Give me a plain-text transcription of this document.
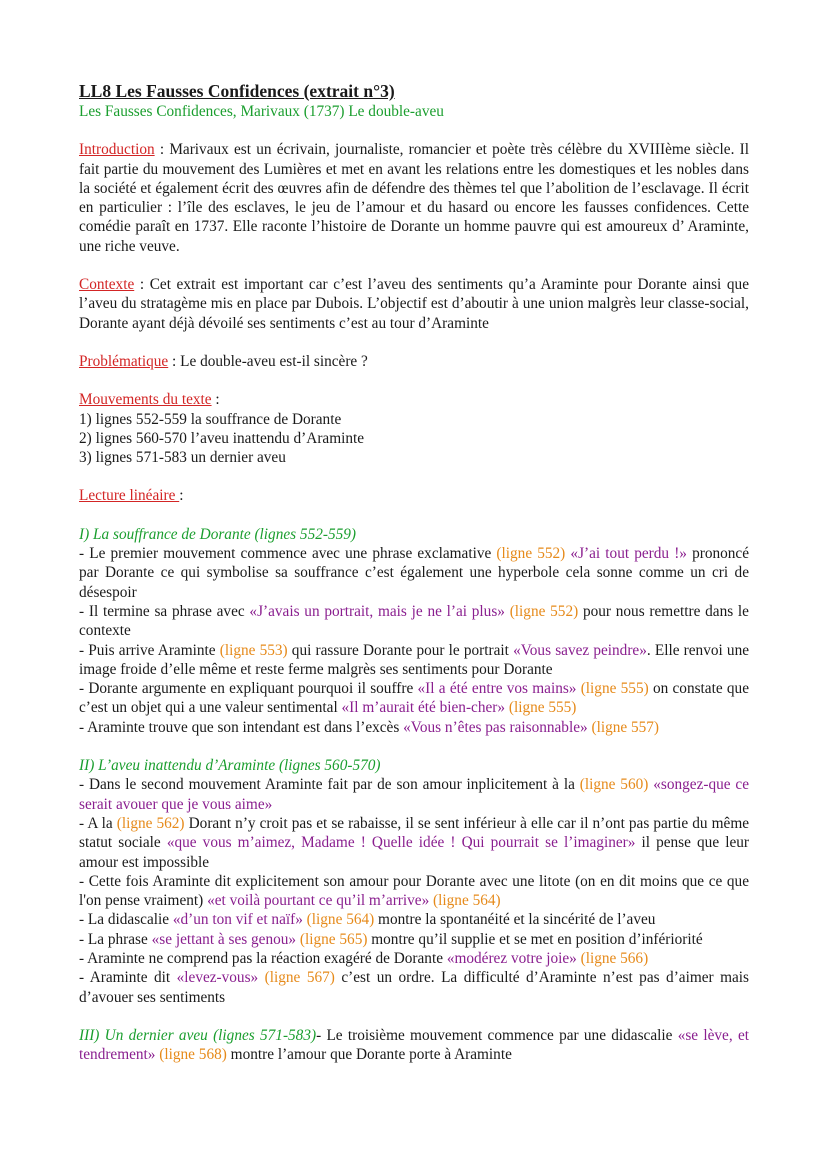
LL8 Les Fausses Confidences (extrait n°3)
Les Fausses Confidences, Marivaux (1737) Le double-aveu

Introduction : Marivaux est un écrivain, journaliste, romancier et poète très célèbre du XVIIIème siècle. Il fait partie du mouvement des Lumières et met en avant les relations entre les domestiques et les nobles dans la société et également écrit des œuvres afin de défendre des thèmes tel que l’abolition de l’esclavage. Il écrit en particulier : l’île des esclaves, le jeu de l’amour et du hasard ou encore les fausses confidences. Cette comédie paraît en 1737. Elle raconte l’histoire de Dorante un homme pauvre qui est amoureux d’ Araminte, une riche veuve.

Contexte : Cet extrait est important car c’est l’aveu des sentiments qu’a Araminte pour Dorante ainsi que l’aveu du stratagème mis en place par Dubois. L’objectif est d’aboutir à une union malgrès leur classe-social, Dorante ayant déjà dévoilé ses sentiments c’est au tour d’Araminte

Problématique : Le double-aveu est-il sincère ?

Mouvements du texte :
1) lignes 552-559 la souffrance de Dorante
2) lignes 560-570 l’aveu inattendu d’Araminte
3) lignes 571-583 un dernier aveu
Lecture linéaire :
I) La souffrance de Dorante (lignes 552-559)

- Le premier mouvement commence avec une phrase exclamative (ligne 552) «J’ai tout perdu !» prononcé par Dorante ce qui symbolise sa souffrance c’est également une hyperbole cela sonne comme un cri de désespoir

- Il termine sa phrase avec «J’avais un portrait, mais je ne l’ai plus» (ligne 552) pour nous remettre dans le contexte

- Puis arrive Araminte (ligne 553) qui rassure Dorante pour le portrait «Vous savez peindre». Elle renvoi une image froide d’elle même et reste ferme malgrès ses sentiments pour Dorante

- Dorante argumente en expliquant pourquoi il souffre «Il a été entre vos mains» (ligne 555) on constate que c’est un objet qui a une valeur sentimental «Il m’aurait été bien-cher» (ligne 555)

- Araminte trouve que son intendant est dans l’excès «Vous n’êtes pas raisonnable» (ligne 557)

II) L’aveu inattendu d’Araminte (lignes 560-570)

- Dans le second mouvement Araminte fait par de son amour inplicitement à la (ligne 560) «songez-que ce serait avouer que je vous aime»

- A la (ligne 562) Dorant n’y croit pas et se rabaisse, il se sent inférieur à elle car il n’ont pas partie du même statut sociale «que vous m’aimez, Madame ! Quelle idée ! Qui pourrait se l’imaginer» il pense que leur amour est impossible

- Cette fois Araminte dit explicitement son amour pour Dorante avec une litote (on en dit moins que ce que l'on pense vraiment) «et voilà pourtant ce qu’il m’arrive» (ligne 564)

- La didascalie «d’un ton vif et naïf» (ligne 564) montre la spontanéité et la sincérité de l’aveu

- La phrase «se jettant à ses genou» (ligne 565) montre qu’il supplie et se met en position d’infériorité

- Araminte ne comprend pas la réaction exagéré de Dorante «modérez votre joie» (ligne 566)

- Araminte dit «levez-vous» (ligne 567) c’est un ordre. La difficulté d’Araminte n’est pas d’aimer mais d’avouer ses sentiments

III) Un dernier aveu (lignes 571-583)- Le troisième mouvement commence par une didascalie «se lève, et tendrement» (ligne 568) montre l’amour que Dorante porte à Araminte
